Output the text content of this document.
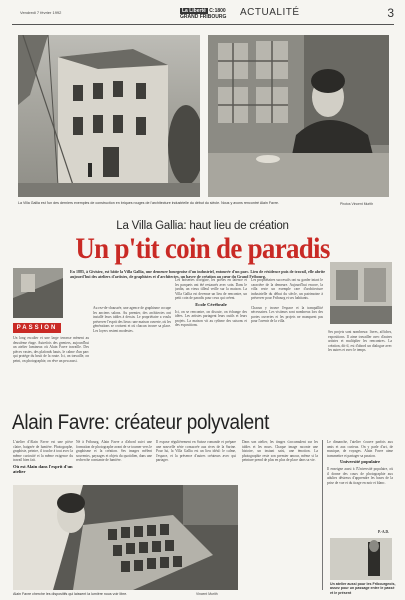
Vendredi 7 février 1992	La Liberté C:1800
GRAND FRIBOURG ACTUALITÉ	3
La Villa Gallia est l'un des derniers exemples de construction en briques rouges de l'architecture industrielle du début du siècle. Nous y avons rencontré Alain Favre.	Photos Vincent Murith
La Villa Gallia: haut lieu de création
Un p'tit coin de paradis
En 1885, à Givisiez, est bâtie la Villa Gallia, une demeure bourgeoise d'un industriel, entourée d'un parc. Lieu de résidence puis de travail, elle abrite aujourd'hui des ateliers d'artistes, de graphistes et d'architectes, un havre de création au cœur du Grand Fribourg.
PASSION
Un long escalier et une large terrasse mènent au deuxième étage. Autrefois des greniers, aujourd'hui un atelier lumineux où Alain Favre travaille. Des pièces vastes, des plafonds hauts, le calme d'un parc qui protège du bruit de la route. Ici, on travaille, on peint, on photographie, on rêve un peu aussi.
Au rez-de-chaussée, une agence de graphisme occupe les anciens salons. Au premier, des architectes ont installé leurs tables à dessin. Le propriétaire a voulu préserver l'esprit des lieux: une maison ouverte, où les générations se croisent et où chacun trouve sa place. Les loyers restent modestes.
Les boiseries d'origine, les poêles en faïence et les parquets ont été restaurés avec soin. Dans le jardin, un vieux tilleul veille sur la maison. La Villa Gallia est devenue un lieu de rencontre, un petit coin de paradis pour ceux qui créent.
Ecole Cérébrale
Ici, on se rencontre, on discute, on échange des idées. Les artistes partagent leurs outils et leurs projets. La maison vit au rythme des saisons et des expositions.
Les propriétaires successifs ont su garder intact le caractère de la demeure. Aujourd'hui encore, la villa reste un exemple rare d'architecture industrielle du début du siècle, un patrimoine à préserver pour Fribourg et ses habitants.

Chacun y trouve l'espace et la tranquillité nécessaires. Les visiteurs sont nombreux lors des portes ouvertes et les projets ne manquent pas pour l'avenir de la villa.
Ses projets sont nombreux: livres, affiches, expositions. Il aime travailler avec d'autres artistes et multiplier les rencontres. La création, dit-il, est d'abord un dialogue avec les autres et avec le temps.
Alain Favre: créateur polyvalent
L'atelier d'Alain Favre est une pièce claire, baignée de lumière. Photographe, graphiste, peintre, il touche à tout avec la même curiosité et la même exigence du travail bien fait.
Où est Alain dans l'esprit d'un atelier
Né à Fribourg, Alain Favre a d'abord suivi une formation de photographe avant de se tourner vers le graphisme et la création. Ses images mêlent souvenirs, paysages et objets du quotidien, dans une recherche constante de lumière.
Il expose régulièrement en Suisse romande et prépare une nouvelle série consacrée aux rives de la Sarine. Pour lui, la Villa Gallia est un lieu idéal: le calme, l'espace, et la présence d'autres créateurs avec qui partager.
Dans son atelier, les tirages s'accumulent sur les tables et les murs. Chaque image raconte une histoire, un instant saisi, une émotion. La photographie reste son premier amour, même si la peinture prend de plus en plus de place dans sa vie.
Alain Favre cherche les dispositifs qui laissent la lumière nous voir libre.	Vincent Murith
Le dimanche, l'atelier s'ouvre parfois aux amis et aux curieux. On y parle d'art, de musique, de voyages. Alain Favre aime transmettre et partager sa passion.
Université populaire
Il enseigne aussi à l'Université populaire, où il donne des cours de photographie aux adultes désireux d'apprendre les bases de la prise de vue et du tirage en noir et blanc.
P.-A.D.
Un atelier aussi pour les Fribourgeois, assez pour un passage entre le passé et le présent
